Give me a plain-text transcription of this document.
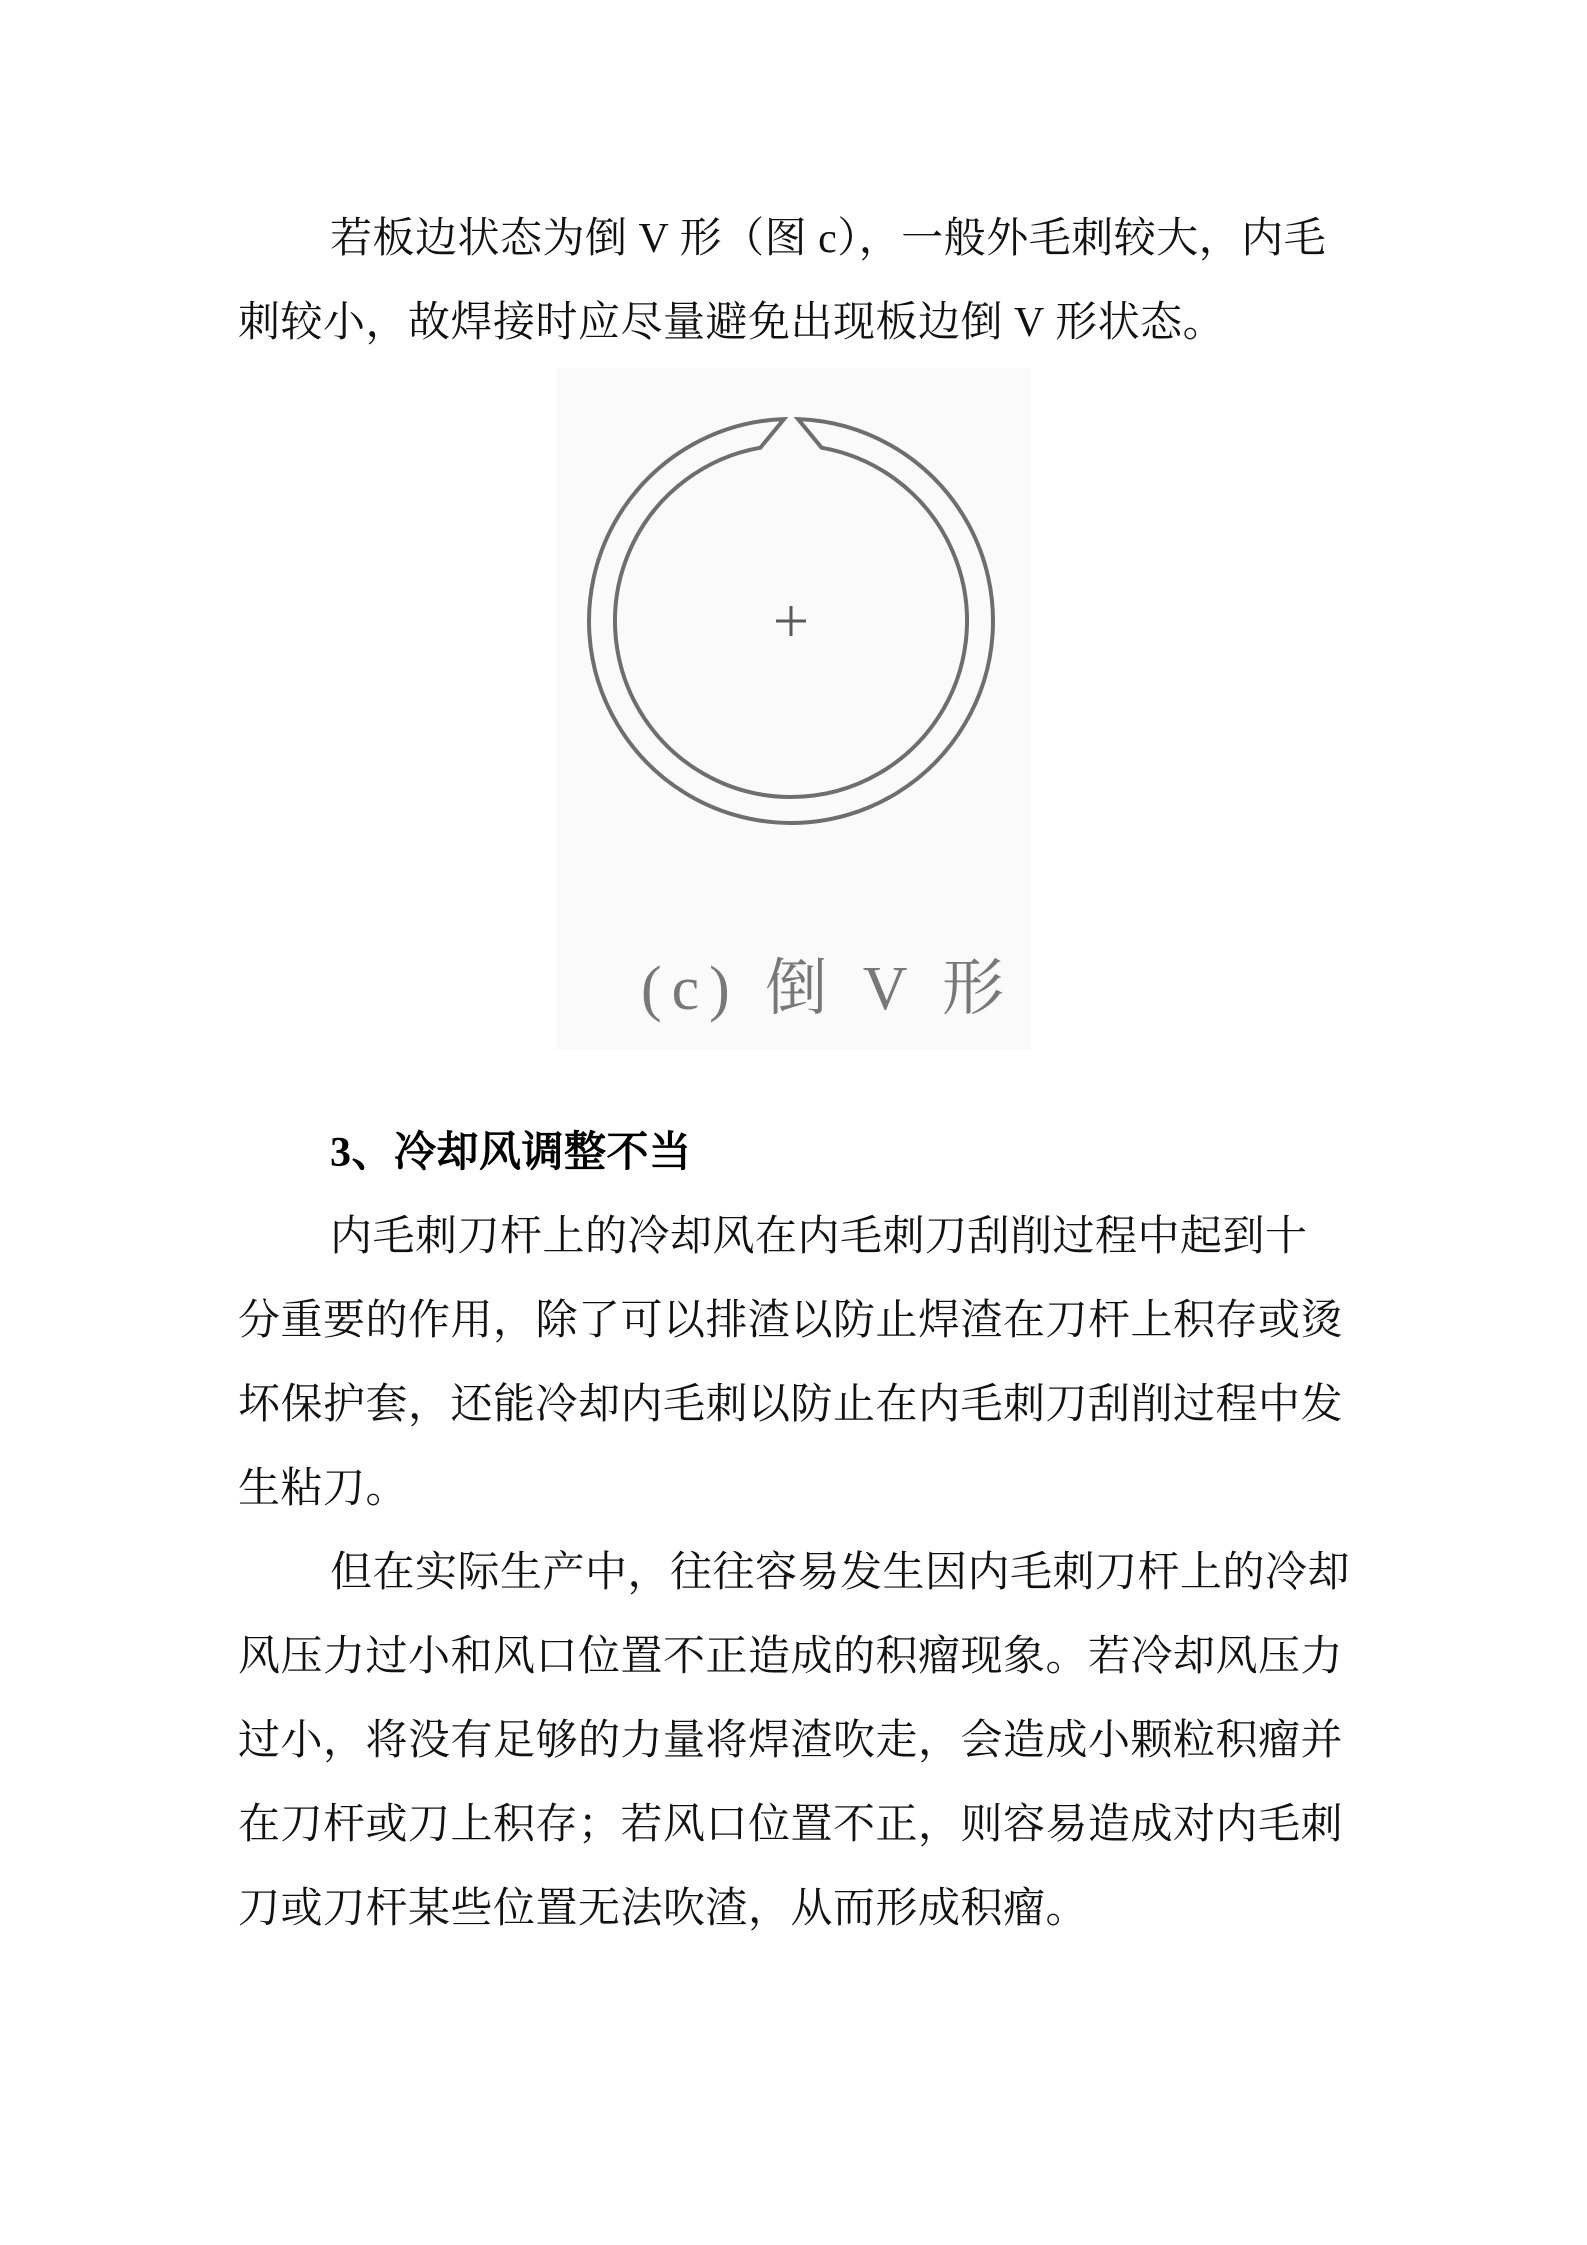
若板边状态为倒 V 形（图 c），一般外毛刺较大，内毛
刺较小，故焊接时应尽量避免出现板边倒 V 形状态。
(c) 倒 V 形
3、冷却风调整不当
内毛刺刀杆上的冷却风在内毛刺刀刮削过程中起到十
分重要的作用，除了可以排渣以防止焊渣在刀杆上积存或烫
坏保护套，还能冷却内毛刺以防止在内毛刺刀刮削过程中发
生粘刀。
但在实际生产中，往往容易发生因内毛刺刀杆上的冷却
风压力过小和风口位置不正造成的积瘤现象。若冷却风压力
过小，将没有足够的力量将焊渣吹走，会造成小颗粒积瘤并
在刀杆或刀上积存；若风口位置不正，则容易造成对内毛刺
刀或刀杆某些位置无法吹渣，从而形成积瘤。
